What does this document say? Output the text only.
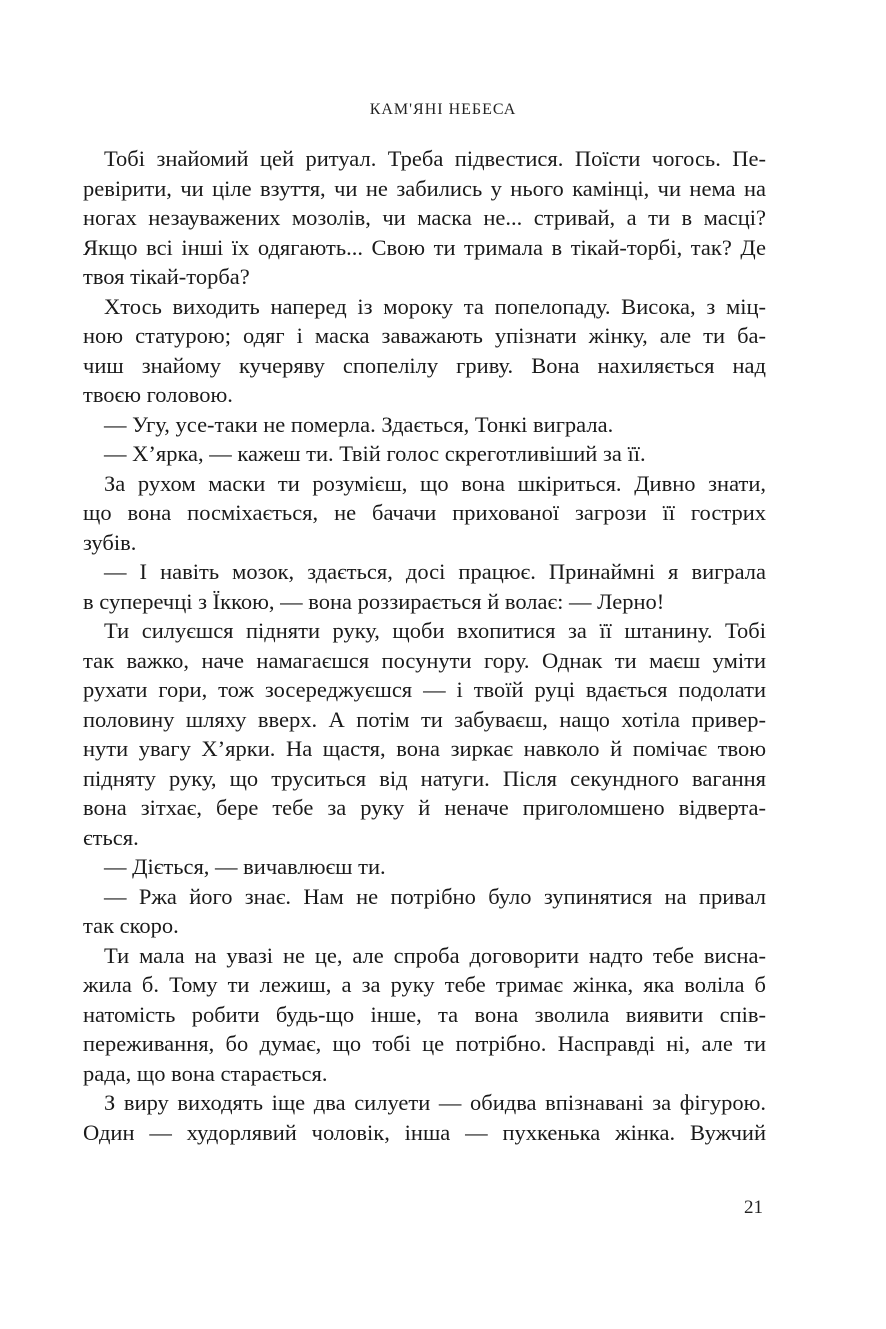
КАМ'ЯНІ НЕБЕСА
Тобі знайомий цей ритуал. Треба підвестися. Поїсти чогось. Пе-
ревірити, чи ціле взуття, чи не забились у нього камінці, чи нема на
ногах незауважених мозолів, чи маска не... стривай, а ти в масці?
Якщо всі інші їх одягають... Свою ти тримала в тікай-торбі, так? Де
твоя тікай-торба?
Хтось виходить наперед із мороку та попелопаду. Висока, з міц-
ною статурою; одяг і маска заважають упізнати жінку, але ти ба-
чиш знайому кучеряву спопелілу гриву. Вона нахиляється над
твоєю головою.
— Угу, усе-таки не померла. Здається, Тонкі виграла.
— Х’ярка, — кажеш ти. Твій голос скреготливіший за її.
За рухом маски ти розумієш, що вона шкіриться. Дивно знати,
що вона посміхається, не бачачи прихованої загрози її гострих
зубів.
— І навіть мозок, здається, досі працює. Принаймні я виграла
в суперечці з Їккою, — вона роззирається й волає: — Лерно!
Ти силуєшся підняти руку, щоби вхопитися за її штанину. Тобі
так важко, наче намагаєшся посунути гору. Однак ти маєш уміти
рухати гори, тож зосереджуєшся — і твоїй руці вдається подолати
половину шляху вверх. А потім ти забуваєш, нащо хотіла привер-
нути увагу Х’ярки. На щастя, вона зиркає навколо й помічає твою
підняту руку, що труситься від натуги. Після секундного вагання
вона зітхає, бере тебе за руку й неначе приголомшено відверта-
ється.
— Діється, — вичавлюєш ти.
— Ржа його знає. Нам не потрібно було зупинятися на привал
так скоро.
Ти мала на увазі не це, але спроба договорити надто тебе висна-
жила б. Тому ти лежиш, а за руку тебе тримає жінка, яка воліла б
натомість робити будь-що інше, та вона зволила виявити спів-
переживання, бо думає, що тобі це потрібно. Насправді ні, але ти
рада, що вона старається.
З виру виходять іще два силуети — обидва впізнавані за фігурою.
Один — худорлявий чоловік, інша — пухкенька жінка. Вужчий
21
